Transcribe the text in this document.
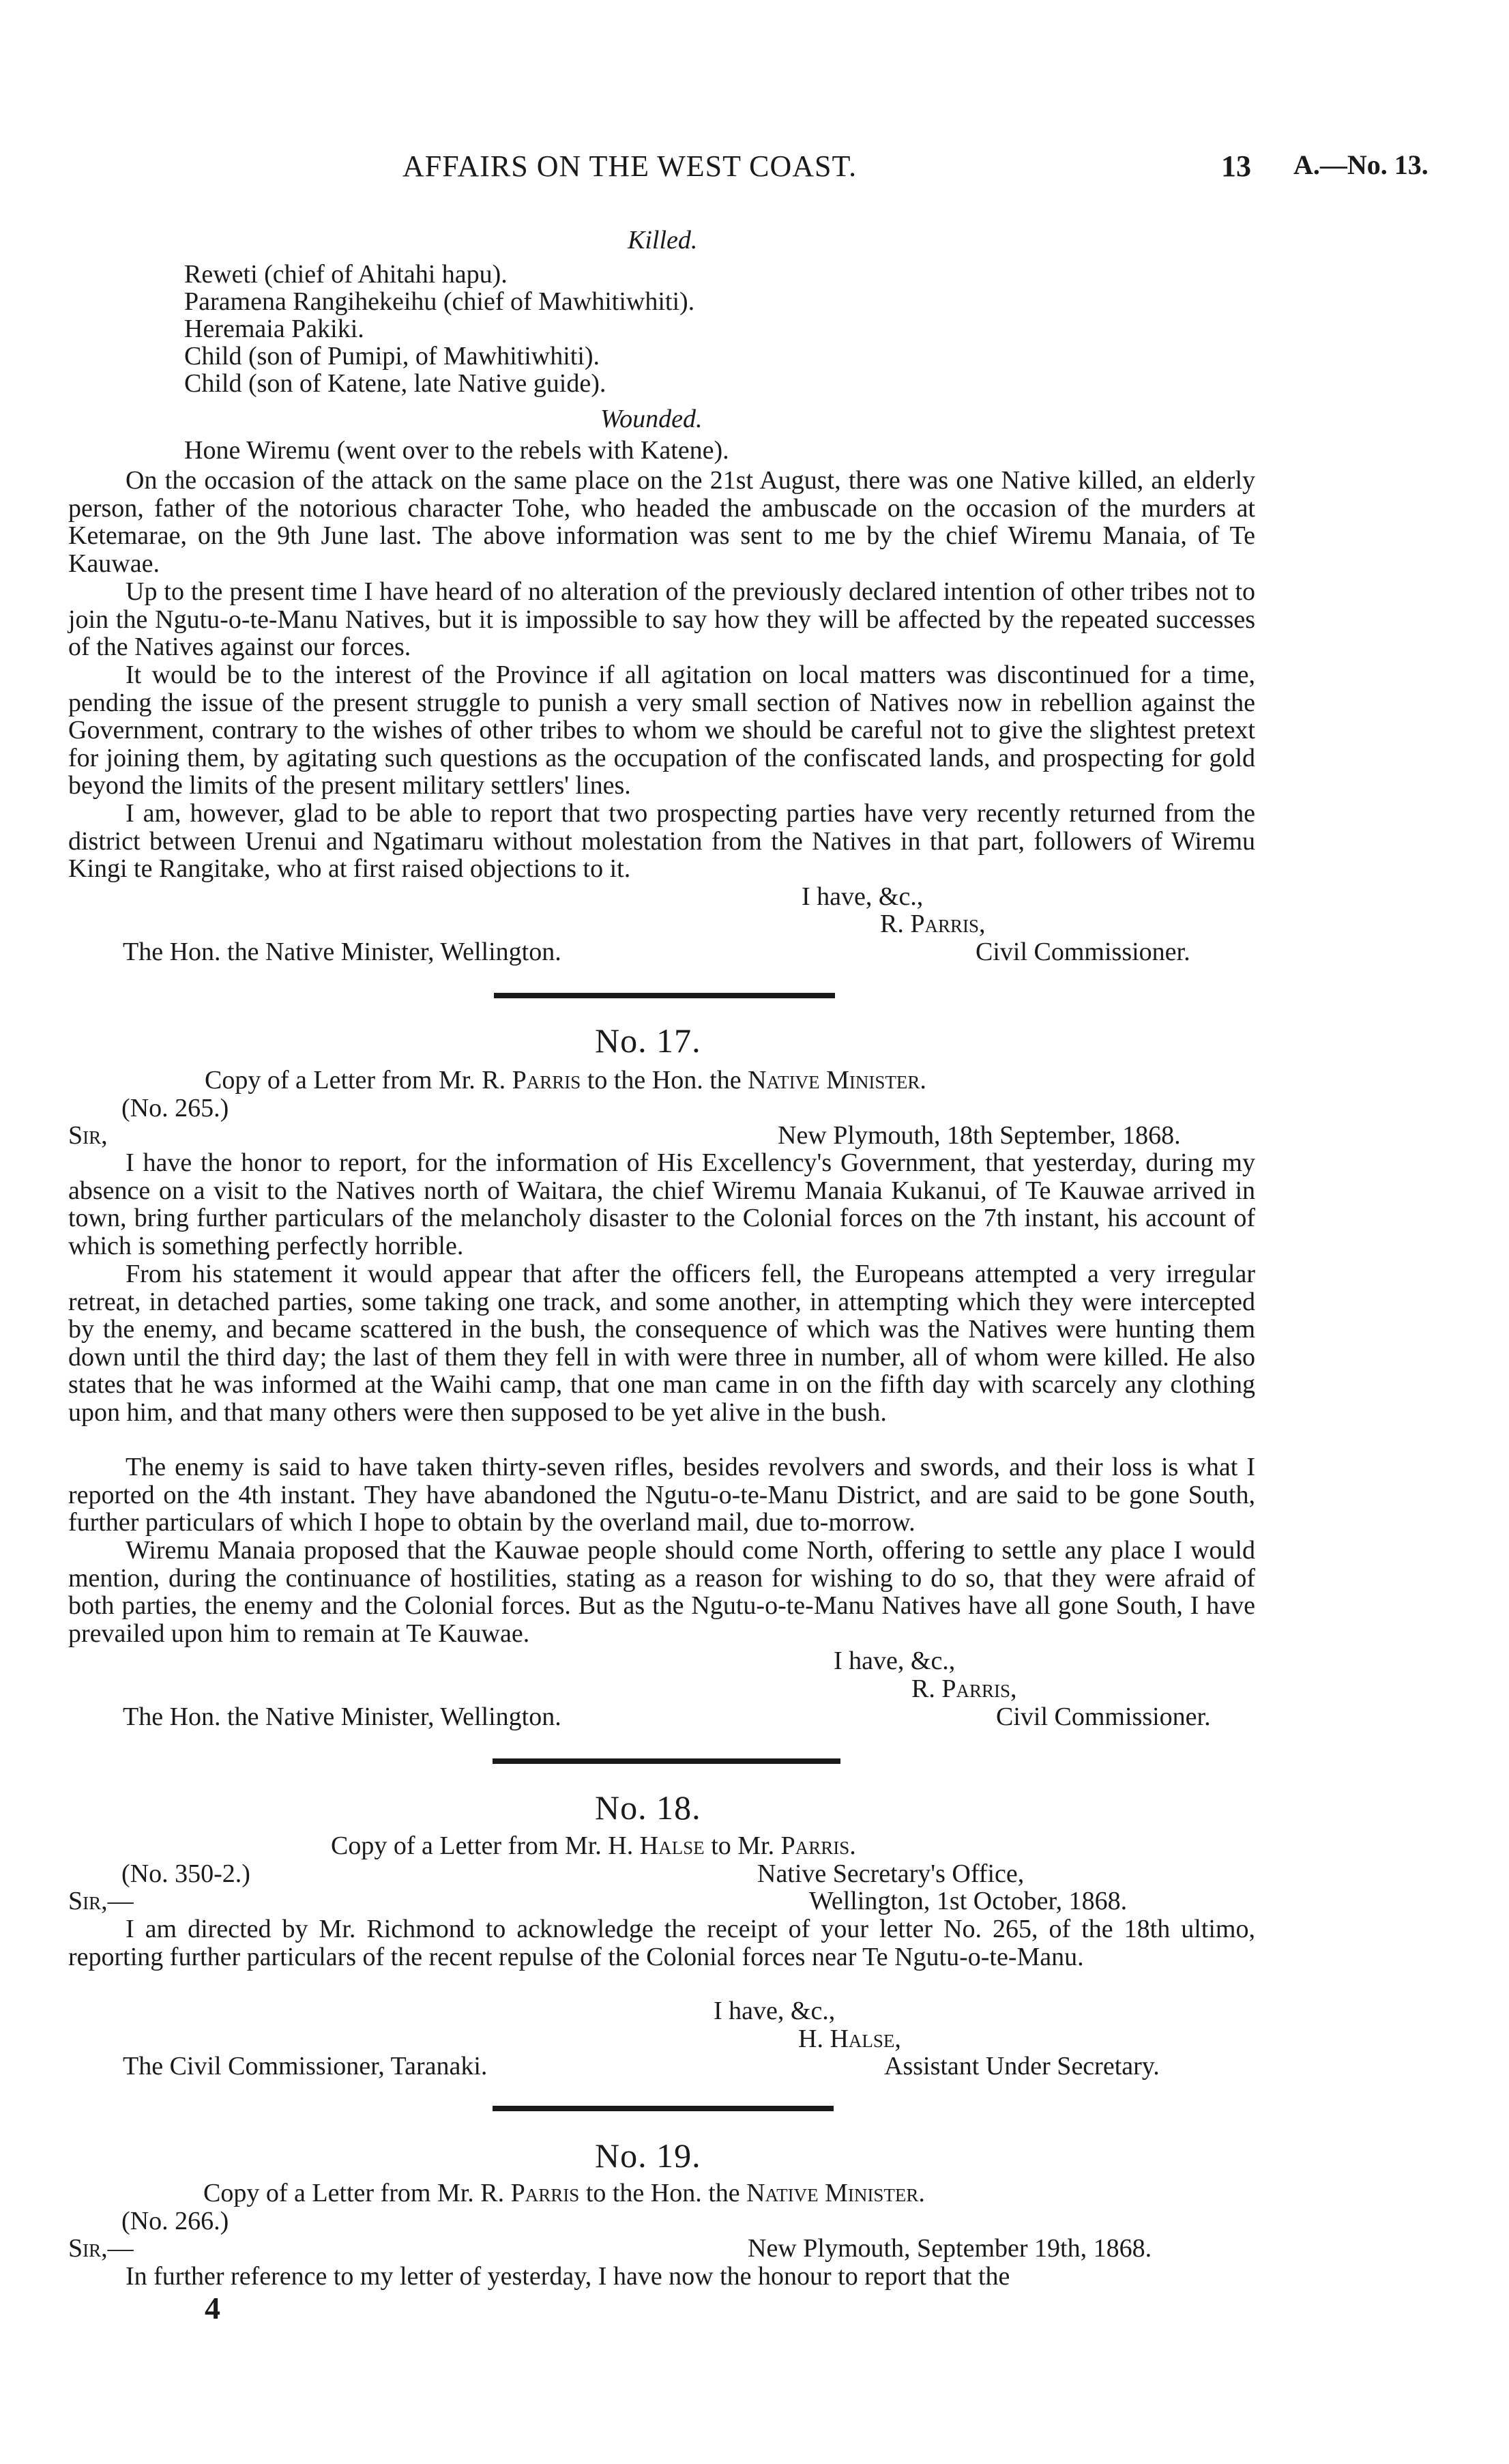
AFFAIRS ON THE WEST COAST.	13 A.—No. 13.
Killed.
Reweti (chief of Ahitahi hapu).
Paramena Rangihekeihu (chief of Mawhitiwhiti).
Heremaia Pakiki.
Child (son of Pumipi, of Mawhitiwhiti).
Child (son of Katene, late Native guide).
Wounded.
Hone Wiremu (went over to the rebels with Katene).
On the occasion of the attack on the same place on the 21st August, there was one Native killed, an elderly person, father of the notorious character Tohe, who headed the ambuscade on the occasion of the murders at Ketemarae, on the 9th June last. The above information was sent to me by the chief Wiremu Manaia, of Te Kauwae.
Up to the present time I have heard of no alteration of the previously declared intention of other tribes not to join the Ngutu-o-te-Manu Natives, but it is impossible to say how they will be affected by the repeated successes of the Natives against our forces.
It would be to the interest of the Province if all agitation on local matters was discontinued for a time, pending the issue of the present struggle to punish a very small section of Natives now in rebellion against the Government, contrary to the wishes of other tribes to whom we should be careful not to give the slightest pretext for joining them, by agitating such questions as the occupation of the confiscated lands, and prospecting for gold beyond the limits of the present military settlers' lines.
I am, however, glad to be able to report that two prospecting parties have very recently returned from the district between Urenui and Ngatimaru without molestation from the Natives in that part, followers of Wiremu Kingi te Rangitake, who at first raised objections to it.
I have, &c.,
R. Parris,
The Hon. the Native Minister, Wellington.	Civil Commissioner.
No. 17.
Copy of a Letter from Mr. R. Parris to the Hon. the Native Minister.
(No. 265.)
Sir,	New Plymouth, 18th September, 1868.
I have the honor to report, for the information of His Excellency's Government, that yesterday, during my absence on a visit to the Natives north of Waitara, the chief Wiremu Manaia Kukanui, of Te Kauwae arrived in town, bring further particulars of the melancholy disaster to the Colonial forces on the 7th instant, his account of which is something perfectly horrible.
From his statement it would appear that after the officers fell, the Europeans attempted a very irregular retreat, in detached parties, some taking one track, and some another, in attempting which they were intercepted by the enemy, and became scattered in the bush, the consequence of which was the Natives were hunting them down until the third day; the last of them they fell in with were three in number, all of whom were killed. He also states that he was informed at the Waihi camp, that one man came in on the fifth day with scarcely any clothing upon him, and that many others were then supposed to be yet alive in the bush.
The enemy is said to have taken thirty-seven rifles, besides revolvers and swords, and their loss is what I reported on the 4th instant. They have abandoned the Ngutu-o-te-Manu District, and are said to be gone South, further particulars of which I hope to obtain by the overland mail, due to-morrow.
Wiremu Manaia proposed that the Kauwae people should come North, offering to settle any place I would mention, during the continuance of hostilities, stating as a reason for wishing to do so, that they were afraid of both parties, the enemy and the Colonial forces. But as the Ngutu-o-te-Manu Natives have all gone South, I have prevailed upon him to remain at Te Kauwae.
I have, &c.,
R. Parris,
The Hon. the Native Minister, Wellington.	Civil Commissioner.
No. 18.
Copy of a Letter from Mr. H. Halse to Mr. Parris.
(No. 350-2.)	Native Secretary's Office,
Sir,—	Wellington, 1st October, 1868.
I am directed by Mr. Richmond to acknowledge the receipt of your letter No. 265, of the 18th ultimo, reporting further particulars of the recent repulse of the Colonial forces near Te Ngutu-o-te-Manu.
I have, &c.,
H. Halse,
The Civil Commissioner, Taranaki.	Assistant Under Secretary.
No. 19.
Copy of a Letter from Mr. R. Parris to the Hon. the Native Minister.
(No. 266.)
Sir,—	New Plymouth, September 19th, 1868.
In further reference to my letter of yesterday, I have now the honour to report that the
4
